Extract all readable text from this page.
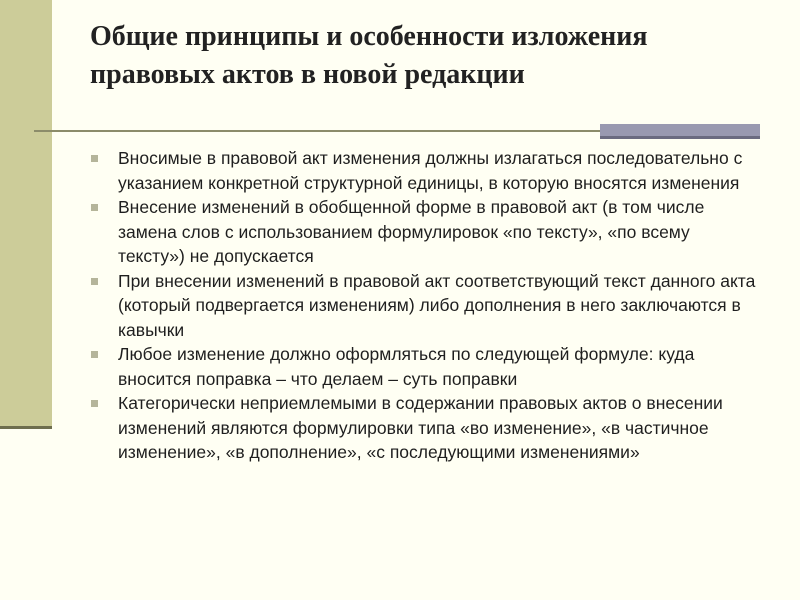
Общие принципы и особенности изложения правовых актов в новой редакции
Вносимые в правовой акт изменения должны излагаться последовательно с указанием конкретной структурной единицы, в которую вносятся изменения
Внесение изменений в обобщенной форме в правовой акт (в том числе замена слов с использованием формулировок «по тексту», «по всему тексту») не допускается
При внесении изменений в правовой акт соответствующий текст данного акта (который подвергается изменениям) либо дополнения в него заключаются в кавычки
Любое изменение должно оформляться по следующей формуле: куда вносится поправка – что делаем – суть поправки
Категорически неприемлемыми в содержании правовых актов о внесении изменений являются формулировки типа «во изменение», «в частичное изменение», «в дополнение», «с последующими изменениями»
